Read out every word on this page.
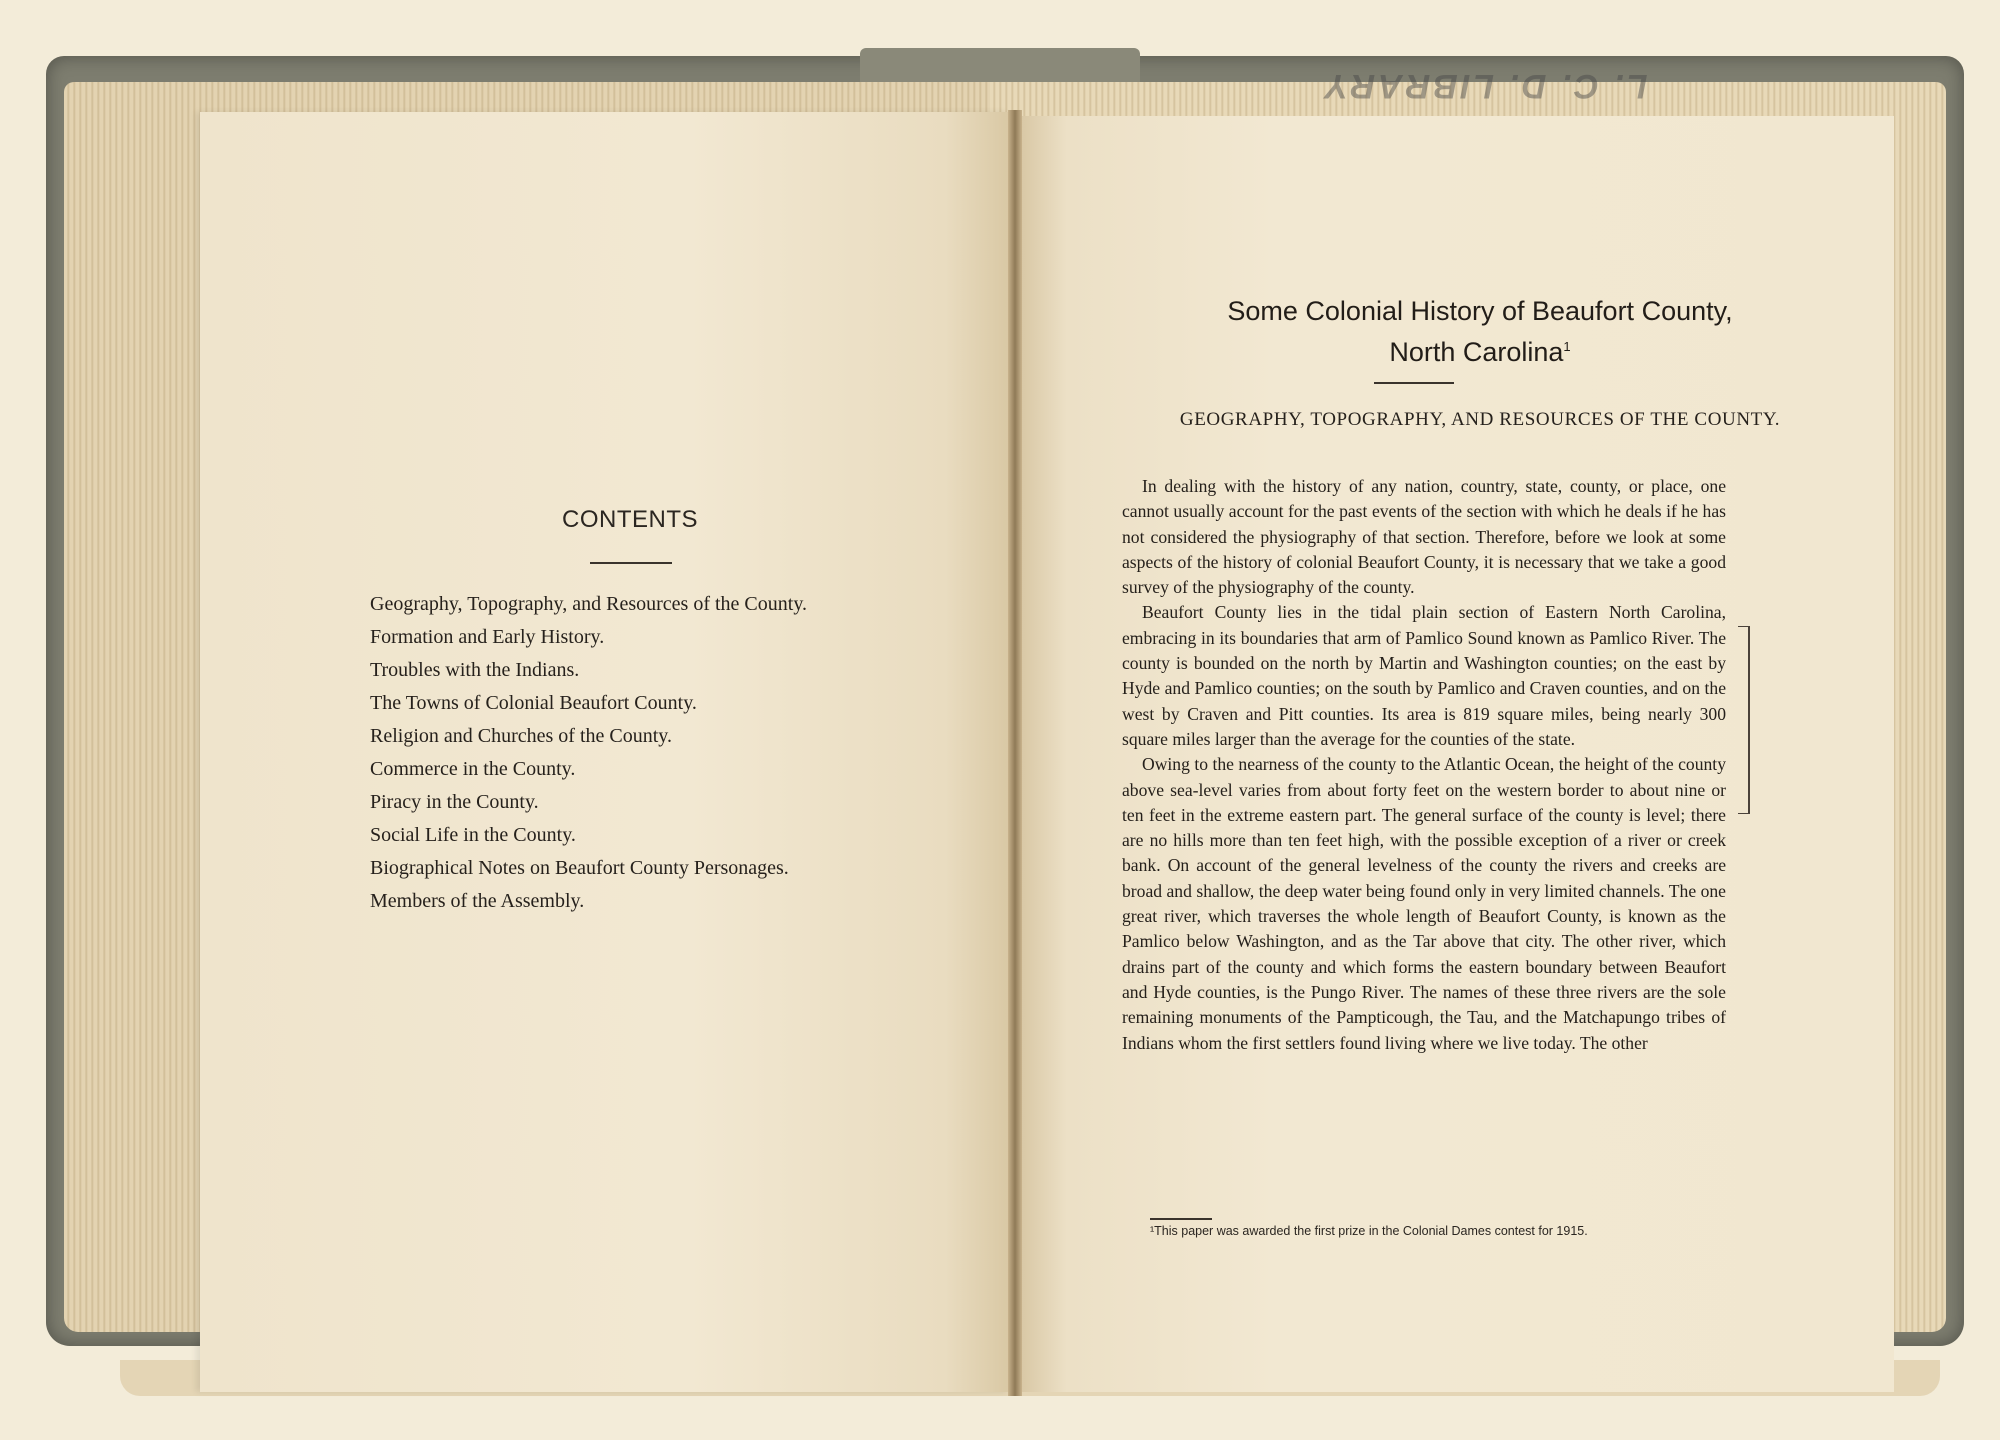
CONTENTS
Geography, Topography, and Resources of the County.
Formation and Early History.
Troubles with the Indians.
The Towns of Colonial Beaufort County.
Religion and Churches of the County.
Commerce in the County.
Piracy in the County.
Social Life in the County.
Biographical Notes on Beaufort County Personages.
Members of the Assembly.
L. C. D. LIBRARY
Some Colonial History of Beaufort County,
North Carolina$^1$
GEOGRAPHY, TOPOGRAPHY, AND RESOURCES OF THE COUNTY.

In dealing with the history of any nation, country, state, county, or place, one cannot usually account for the past events of the section with which he deals if he has not considered the physiography of that section. Therefore, before we look at some aspects of the history of colonial Beaufort County, it is necessary that we take a good survey of the physiography of the county.

Beaufort County lies in the tidal plain section of Eastern North Carolina, embracing in its boundaries that arm of Pamlico Sound known as Pamlico River. The county is bounded on the north by Martin and Washington counties; on the east by Hyde and Pamlico counties; on the south by Pamlico and Craven counties, and on the west by Craven and Pitt counties. Its area is 819 square miles, being nearly 300 square miles larger than the average for the counties of the state.

Owing to the nearness of the county to the Atlantic Ocean, the height of the county above sea-level varies from about forty feet on the western border to about nine or ten feet in the extreme eastern part. The general surface of the county is level; there are no hills more than ten feet high, with the possible exception of a river or creek bank. On account of the general levelness of the county the rivers and creeks are broad and shallow, the deep water being found only in very limited channels. The one great river, which traverses the whole length of Beaufort County, is known as the Pamlico below Washington, and as the Tar above that city. The other river, which drains part of the county and which forms the eastern boundary between Beaufort and Hyde counties, is the Pungo River. The names of these three rivers are the sole remaining monuments of the Pampticough, the Tau, and the Matchapungo tribes of Indians whom the first settlers found living where we live today. The other

¹This paper was awarded the first prize in the Colonial Dames contest for 1915.
